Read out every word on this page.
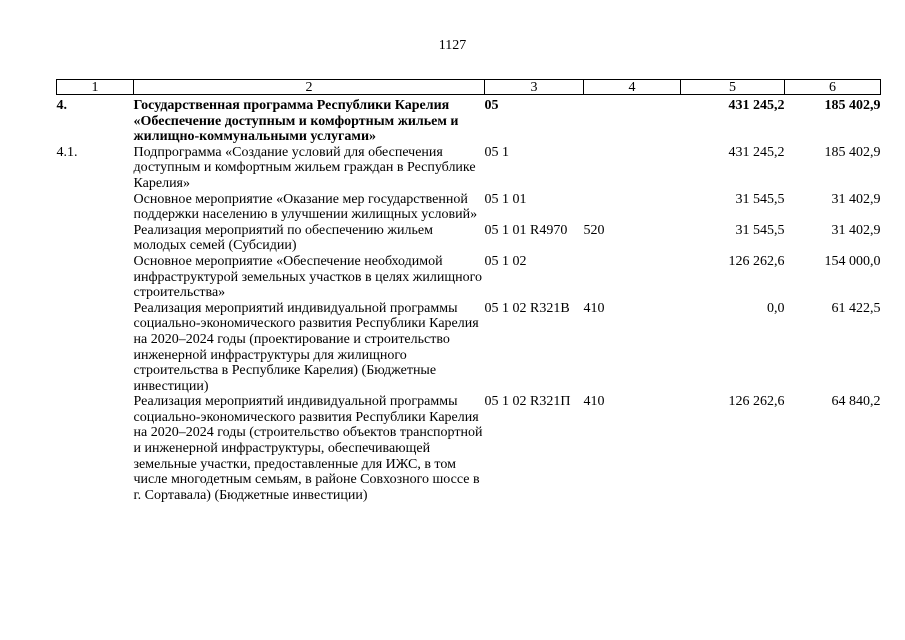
1127
1	2	3	4	5	6
4.	Государственная программа Республики Карелия «Обеспечение доступным и комфортным жильем и жилищно-коммунальными услугами»	05		431 245,2	185 402,9
4.1.	Подпрограмма «Создание условий для обеспечения доступным и комфортным жильем граждан в Республике Карелия»	05 1		431 245,2	185 402,9
	Основное мероприятие «Оказание мер государственной поддержки населению в улучшении жилищных условий»	05 1 01		31 545,5	31 402,9
	Реализация мероприятий по обеспечению жильем молодых семей (Субсидии)	05 1 01 R4970	520	31 545,5	31 402,9
	Основное мероприятие «Обеспечение необходимой инфраструктурой земельных участков в целях жилищного строительства»	05 1 02		126 262,6	154 000,0
	Реализация мероприятий индивидуальной программы социально-экономического развития Республики Карелия на 2020–2024 годы (проектирование и строительство инженерной инфраструктуры для жилищного строительства в Республике Карелия) (Бюджетные инвестиции)	05 1 02 R321B	410	0,0	61 422,5
	Реализация мероприятий индивидуальной программы социально-экономического развития Республики Карелия на 2020–2024 годы (строительство объектов транспортной и инженерной инфраструктуры, обеспечивающей земельные участки, предоставленные для ИЖС, в том числе многодетным семьям, в районе Совхозного шоссе в г. Сортавала) (Бюджетные инвестиции)	05 1 02 R321П	410	126 262,6	64 840,2
